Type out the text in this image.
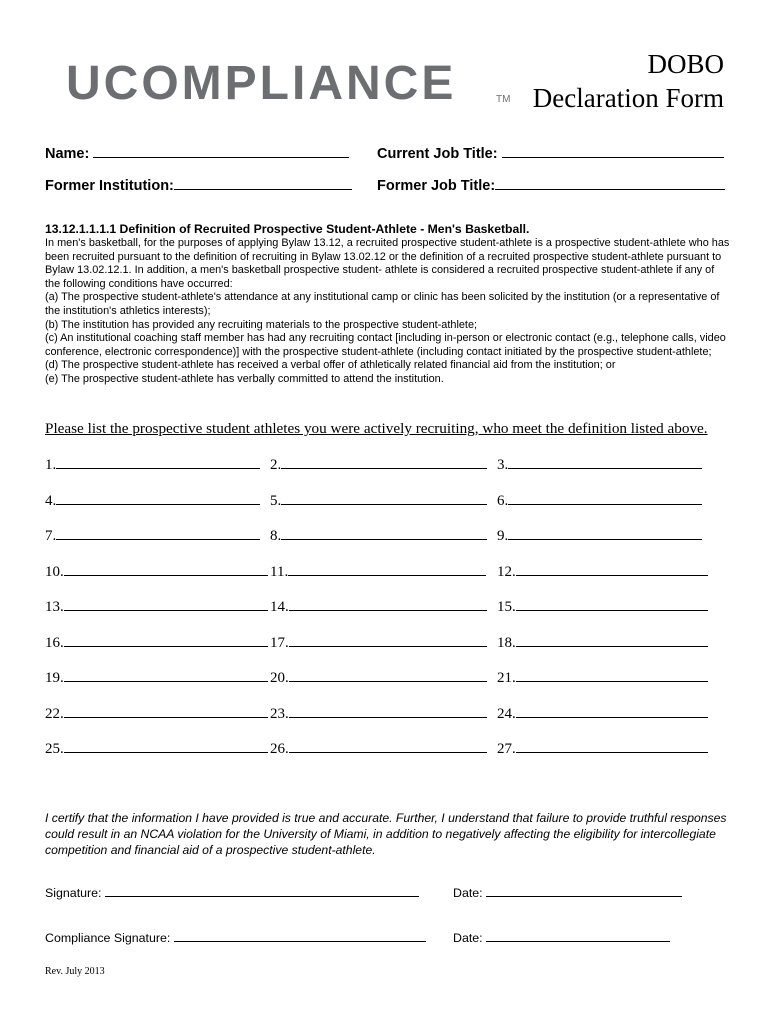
UCOMPLIANCE	TM
DOBO
Declaration Form
Name:	Current Job Title:
Former Institution:	Former Job Title:

13.12.1.1.1.1 Definition of Recruited Prospective Student-Athlete - Men's Basketball.

In men's basketball, for the purposes of applying Bylaw 13.12, a recruited prospective student-athlete is a prospective student-athlete who has been recruited pursuant to the definition of recruiting in Bylaw 13.02.12 or the definition of a recruited prospective student-athlete pursuant to Bylaw 13.02.12.1. In addition, a men's basketball prospective student- athlete is considered a recruited prospective student-athlete if any of the following conditions have occurred:

(a) The prospective student-athlete's attendance at any institutional camp or clinic has been solicited by the institution (or a representative of the institution's athletics interests);

(b) The institution has provided any recruiting materials to the prospective student-athlete;

(c) An institutional coaching staff member has had any recruiting contact [including in-person or electronic contact (e.g., telephone calls, video conference, electronic correspondence)] with the prospective student-athlete (including contact initiated by the prospective student-athlete;

(d) The prospective student-athlete has received a verbal offer of athletically related financial aid from the institution; or

(e) The prospective student-athlete has verbally committed to attend the institution.

Please list the prospective student athletes you were actively recruiting, who meet the definition listed above.
1.	2.	3.
4.	5.	6.
7.	8.	9.
10.	11.	12.
13.	14.	15.
16.	17.	18.
19.	20.	21.
22.	23.	24.
25.	26.	27.
I certify that the information I have provided is true and accurate. Further, I understand that failure to provide truthful responses could result in an NCAA violation for the University of Miami, in addition to negatively affecting the eligibility for intercollegiate competition and financial aid of a prospective student-athlete.
Signature:	Date:
Compliance Signature:	Date:
Rev. July 2013
